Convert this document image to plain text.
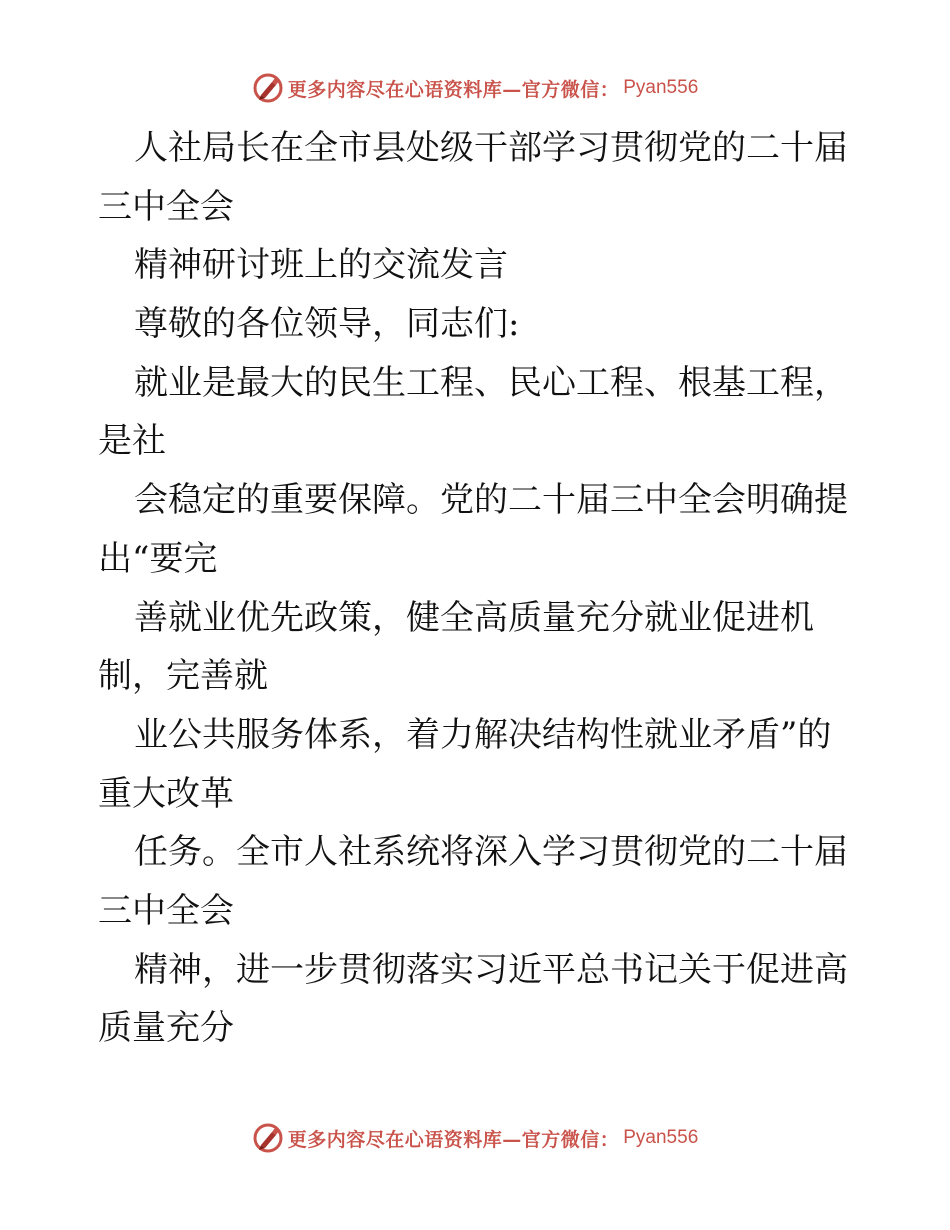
更多内容尽在心语资料库—官方微信： Pyan556
人社局长在全市县处级干部学习贯彻党的二十届
三中全会
精神研讨班上的交流发言
尊敬的各位领导，同志们:
就业是最大的民生工程、民心工程、根基工程，
是社
会稳定的重要保障。党的二十届三中全会明确提
出“要完
善就业优先政策，健全高质量充分就业促进机
制，完善就
业公共服务体系，着力解决结构性就业矛盾”的
重大改革
任务。全市人社系统将深入学习贯彻党的二十届
三中全会
精神，进一步贯彻落实习近平总书记关于促进高
质量充分
更多内容尽在心语资料库—官方微信： Pyan556
